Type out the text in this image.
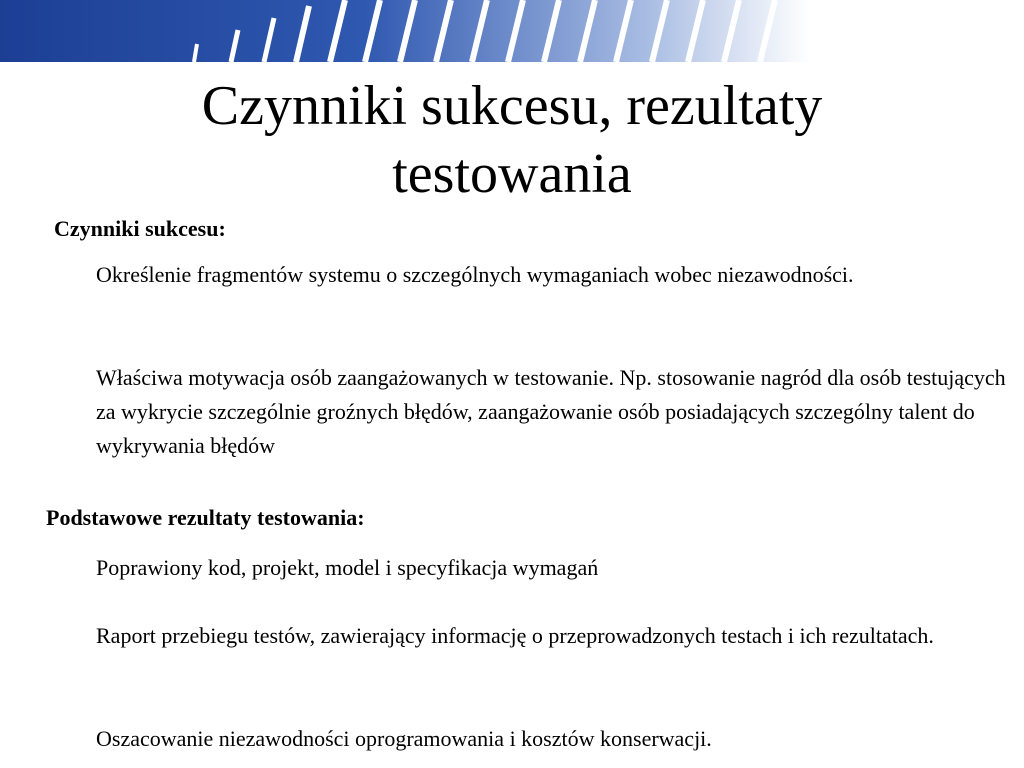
Czynniki sukcesu, rezultaty
testowania
Czynniki sukcesu:
Określenie fragmentów systemu o szczególnych wymaganiach wobec niezawodności.
Właściwa motywacja osób zaangażowanych w testowanie. Np. stosowanie nagród dla osób testujących za wykrycie szczególnie groźnych błędów, zaangażowanie osób posiadających szczególny talent do wykrywania błędów
Podstawowe rezultaty testowania:
Poprawiony kod, projekt, model i specyfikacja wymagań
Raport przebiegu testów, zawierający informację o przeprowadzonych testach i ich rezultatach.
Oszacowanie niezawodności oprogramowania i kosztów konserwacji.
